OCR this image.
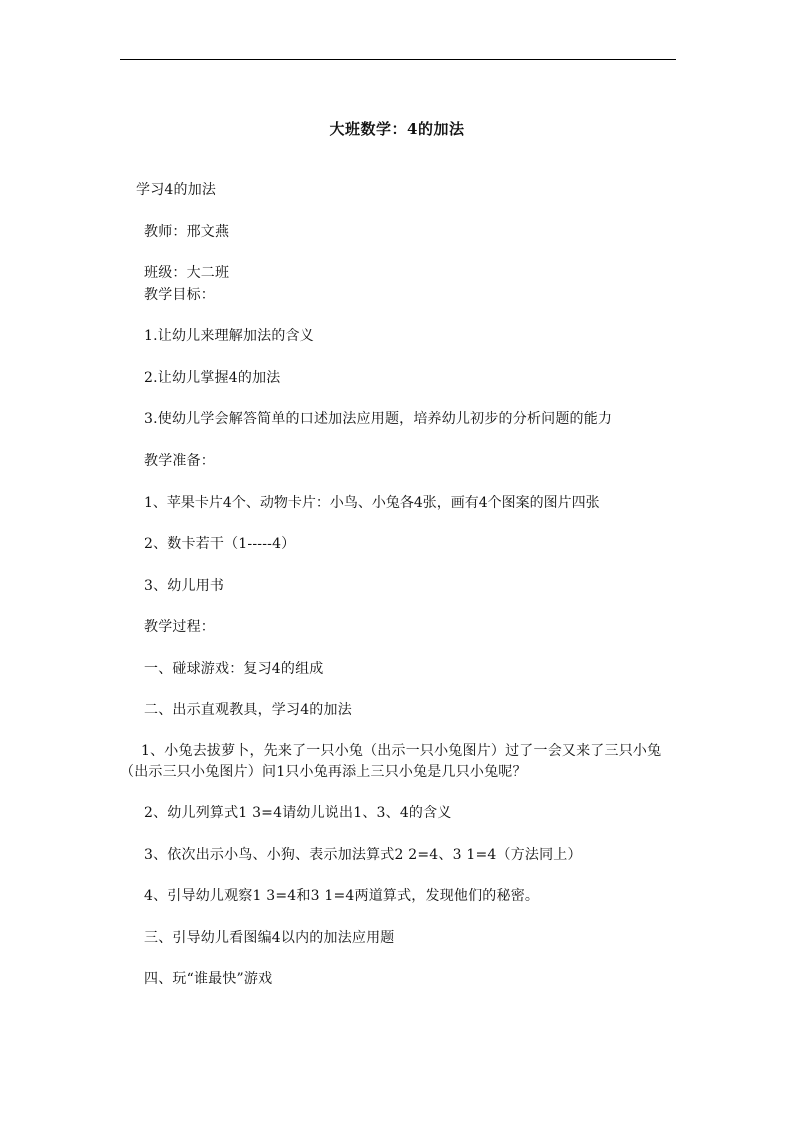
大班数学：4的加法
学习4的加法
教师：邢文燕
班级：大二班
教学目标：
1.让幼儿来理解加法的含义
2.让幼儿掌握4的加法
3.使幼儿学会解答简单的口述加法应用题，培养幼儿初步的分析问题的能力
教学准备：
1、苹果卡片4个、动物卡片：小鸟、小兔各4张，画有4个图案的图片四张
2、数卡若干（1-----4）
3、幼儿用书
教学过程：
一、碰球游戏：复习4的组成
二、出示直观教具，学习4的加法
1、小兔去拔萝卜，先来了一只小兔（出示一只小兔图片）过了一会又来了三只小兔（出示三只小兔图片）问1只小兔再添上三只小兔是几只小兔呢？
2、幼儿列算式1 3=4请幼儿说出1、3、4的含义
3、依次出示小鸟、小狗、表示加法算式2 2=4、3 1=4（方法同上）
4、引导幼儿观察1 3=4和3 1=4两道算式，发现他们的秘密。
三、引导幼儿看图编4以内的加法应用题
四、玩“谁最快”游戏
